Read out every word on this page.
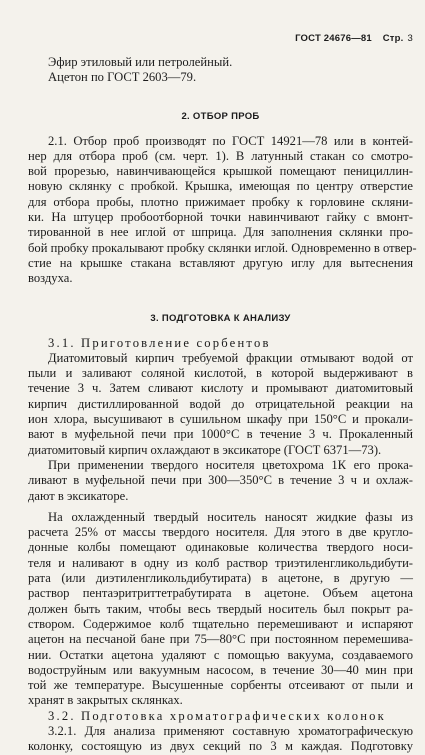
ГОСТ 24676—81 Стр. 3
Эфир этиловый или петролейный.
Ацетон по ГОСТ 2603—79.
2. ОТБОР ПРОБ
2.1. Отбор проб производят по ГОСТ 14921—78 или в контей-
нер для отбора проб (см. черт. 1). В латунный стакан со смотро-
вой прорезью, навинчивающейся крышкой помещают пенициллин-
новую склянку с пробкой. Крышка, имеющая по центру отверстие
для отбора пробы, плотно прижимает пробку к горловине скляни-
ки. На штуцер пробоотборной точки навинчивают гайку с вмонт-
тированной в нее иглой от шприца. Для заполнения склянки про-
бой пробку прокалывают пробку склянки иглой. Одновременно в отвер-
стие на крышке стакана вставляют другую иглу для вытеснения
воздуха.
3. ПОДГОТОВКА К АНАЛИЗУ
3.1. Приготовление сорбентов
Диатомитовый кирпич требуемой фракции отмывают водой от
пыли и заливают соляной кислотой, в которой выдерживают в
течение 3 ч. Затем сливают кислоту и промывают диатомитовый
кирпич дистиллированной водой до отрицательной реакции на
ион хлора, высушивают в сушильном шкафу при 150°С и прокали-
вают в муфельной печи при 1000°С в течение 3 ч. Прокаленный
диатомитовый кирпич охлаждают в эксикаторе (ГОСТ 6371—73).
При применении твердого носителя цветохрома 1К его прока-
ливают в муфельной печи при 300—350°С в течение 3 ч и охлаж-
дают в эксикаторе.
На охлажденный твердый носитель наносят жидкие фазы из
расчета 25% от массы твердого носителя. Для этого в две кругло-
донные колбы помещают одинаковые количества твердого носи-
теля и наливают в одну из колб раствор триэтиленгликольдибути-
рата (или диэтиленгликольдибутирата) в ацетоне, в другую —
раствор пентаэритриттетрабутирата в ацетоне. Объем ацетона
должен быть таким, чтобы весь твердый носитель был покрыт ра-
створом. Содержимое колб тщательно перемешивают и испаряют
ацетон на песчаной бане при 75—80°С при постоянном перемешива-
нии. Остатки ацетона удаляют с помощью вакуума, создаваемого
водоструйным или вакуумным насосом, в течение 30—40 мин при
той же температуре. Высушенные сорбенты отсеивают от пыли и
хранят в закрытых склянках.
3.2. Подготовка хроматографических колонок
3.2.1. Для анализа применяют составную хроматографическую
колонку, состоящую из двух секций по 3 м каждая. Подготовку
